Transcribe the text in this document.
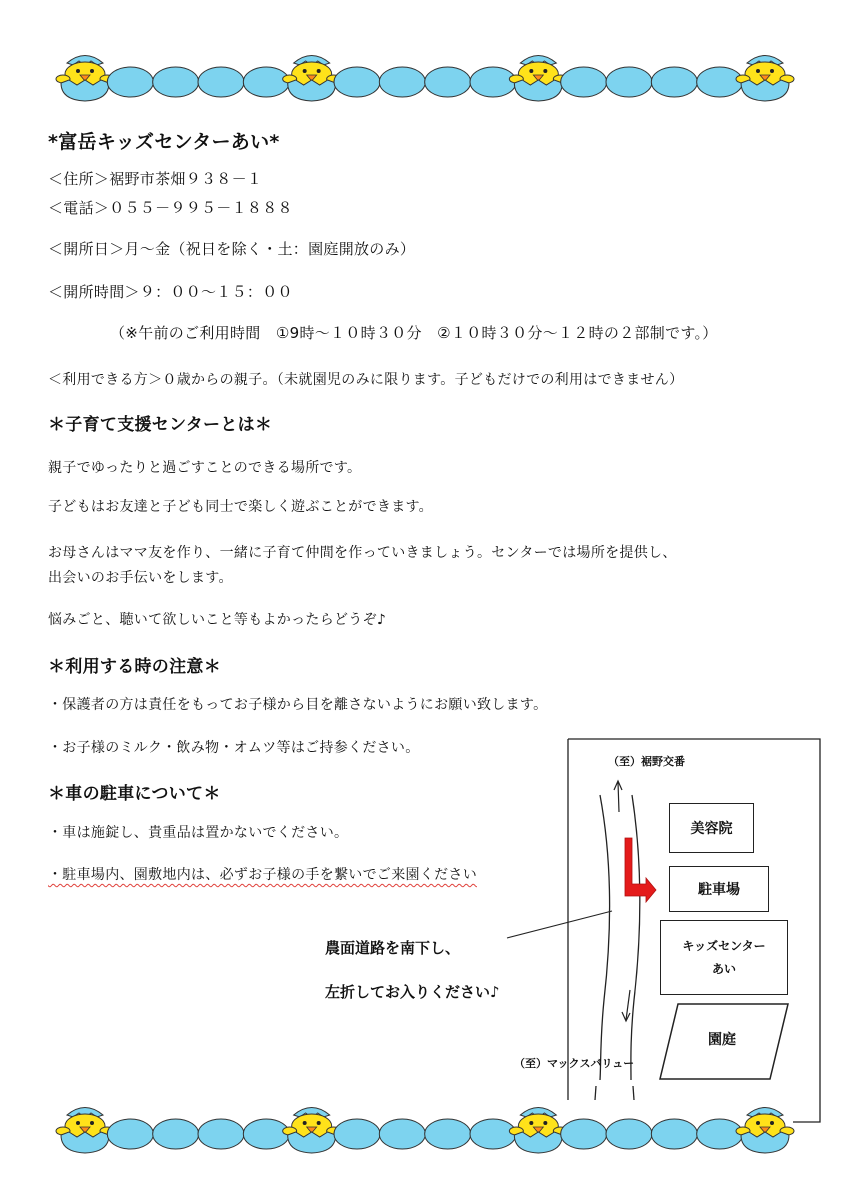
*富岳キッズセンターあい*
＜住所＞裾野市茶畑９３８－１
＜電話＞０５５－９９５－１８８８
＜開所日＞月～金（祝日を除く・土：園庭開放のみ）
＜開所時間＞９：００～１５：００
（※午前のご利用時間　①9時～１０時３０分　②１０時３０分～１２時の２部制です。）
＜利用できる方＞０歳からの親子。（未就園児のみに限ります。子どもだけでの利用はできません）
＊子育て支援センターとは＊
親子でゆったりと過ごすことのできる場所です。
子どもはお友達と子ども同士で楽しく遊ぶことができます。
お母さんはママ友を作り、一緒に子育て仲間を作っていきましょう。センターでは場所を提供し、
出会いのお手伝いをします。
悩みごと、聴いて欲しいこと等もよかったらどうぞ♪
＊利用する時の注意＊
・保護者の方は責任をもってお子様から目を離さないようにお願い致します。
・お子様のミルク・飲み物・オムツ等はご持参ください。
＊車の駐車について＊
・車は施錠し、貴重品は置かないでください。
・駐車場内、園敷地内は、必ずお子様の手を繋いでご来園ください
（至）裾野交番
（至）マックスバリュー
美容院
駐車場
キッズセンター
あい
園庭
農面道路を南下し、
左折してお入りください♪
